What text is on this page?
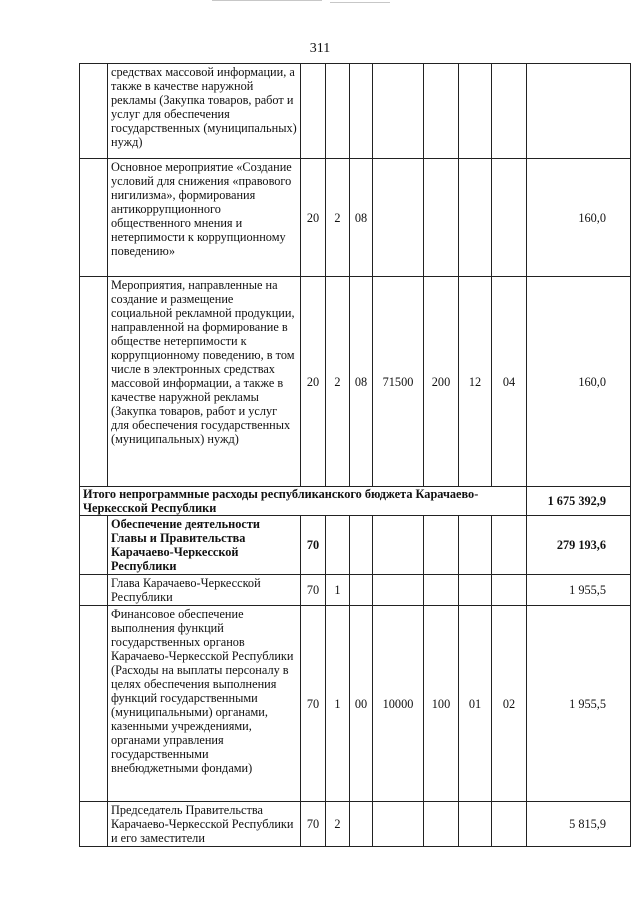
311
	средствах массовой информации, а также в качестве наружной рекламы (Закупка товаров, работ и услуг для обеспечения государственных (муниципальных) нужд)								
	Основное мероприятие «Создание условий для снижения «правового нигилизма», формирования антикоррупционного общественного мнения и нетерпимости к коррупционному поведению»	20	2	08					160,0
	Мероприятия, направленные на создание и размещение социальной рекламной продукции, направленной на формирование в обществе нетерпимости к коррупционному поведению, в том числе в электронных средствах массовой информации, а также в качестве наружной рекламы (Закупка товаров, работ и услуг для обеспечения государственных (муниципальных) нужд)	20	2	08	71500	200	12	04	160,0
Итого непрограммные расходы республиканского бюджета Карачаево-Черкесской Республики									1 675 392,9
	Обеспечение деятельности Главы и Правительства Карачаево-Черкесской Республики	70							279 193,6
	Глава Карачаево-Черкесской Республики	70	1						1 955,5
	Финансовое обеспечение выполнения функций государственных органов Карачаево-Черкесской Республики (Расходы на выплаты персоналу в целях обеспечения выполнения функций государственными (муниципальными) органами, казенными учреждениями, органами управления государственными внебюджетными фондами)	70	1	00	10000	100	01	02	1 955,5
	Председатель Правительства Карачаево-Черкесской Республики и его заместители	70	2						5 815,9
